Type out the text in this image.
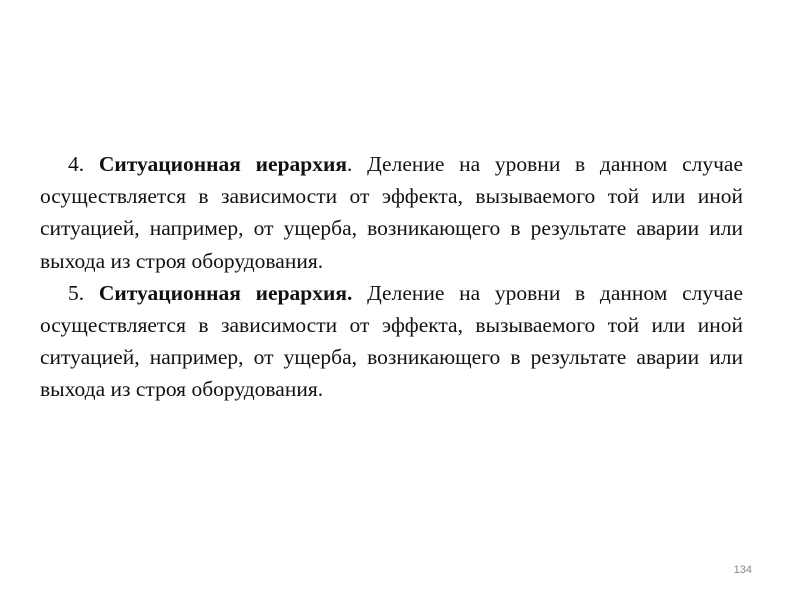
4. Ситуационная иерархия. Деление на уровни в данном случае осуществляется в зависимости от эффекта, вызываемого той или иной ситуацией, например, от ущерба, возникающего в результате аварии или выхода из строя оборудования.

5. Ситуационная иерархия. Деление на уровни в данном случае осуществляется в зависимости от эффекта, вызываемого той или иной ситуацией, например, от ущерба, возникающего в результате аварии или выхода из строя оборудования.

134
